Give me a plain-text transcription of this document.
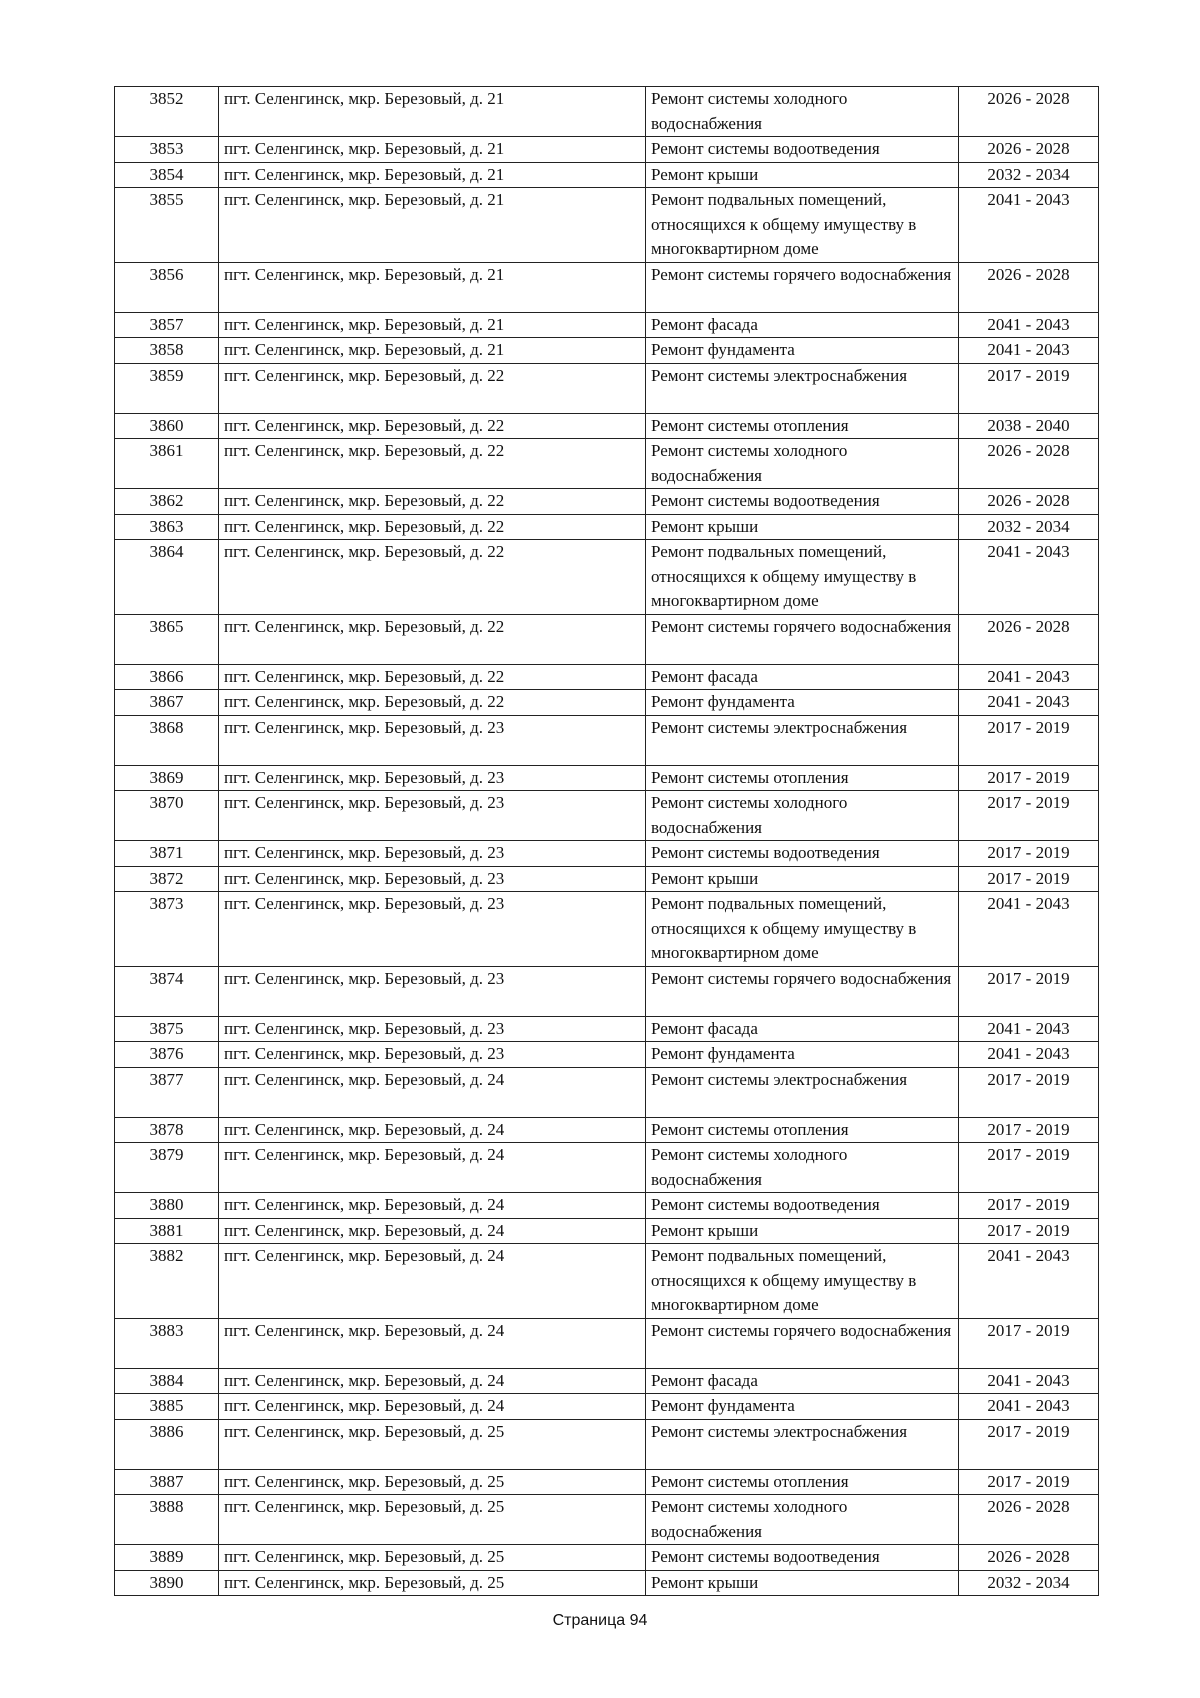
3852	пгт. Селенгинск, мкр. Березовый, д. 21	Ремонт системы холодного водоснабжения	2026 - 2028
3853	пгт. Селенгинск, мкр. Березовый, д. 21	Ремонт системы водоотведения	2026 - 2028
3854	пгт. Селенгинск, мкр. Березовый, д. 21	Ремонт крыши	2032 - 2034
3855	пгт. Селенгинск, мкр. Березовый, д. 21	Ремонт подвальных помещений, относящихся к общему имуществу в многоквартирном доме	2041 - 2043
3856	пгт. Селенгинск, мкр. Березовый, д. 21	Ремонт системы горячего водоснабжения	2026 - 2028
3857	пгт. Селенгинск, мкр. Березовый, д. 21	Ремонт фасада	2041 - 2043
3858	пгт. Селенгинск, мкр. Березовый, д. 21	Ремонт фундамента	2041 - 2043
3859	пгт. Селенгинск, мкр. Березовый, д. 22	Ремонт системы электроснабжения	2017 - 2019
3860	пгт. Селенгинск, мкр. Березовый, д. 22	Ремонт системы отопления	2038 - 2040
3861	пгт. Селенгинск, мкр. Березовый, д. 22	Ремонт системы холодного водоснабжения	2026 - 2028
3862	пгт. Селенгинск, мкр. Березовый, д. 22	Ремонт системы водоотведения	2026 - 2028
3863	пгт. Селенгинск, мкр. Березовый, д. 22	Ремонт крыши	2032 - 2034
3864	пгт. Селенгинск, мкр. Березовый, д. 22	Ремонт подвальных помещений, относящихся к общему имуществу в многоквартирном доме	2041 - 2043
3865	пгт. Селенгинск, мкр. Березовый, д. 22	Ремонт системы горячего водоснабжения	2026 - 2028
3866	пгт. Селенгинск, мкр. Березовый, д. 22	Ремонт фасада	2041 - 2043
3867	пгт. Селенгинск, мкр. Березовый, д. 22	Ремонт фундамента	2041 - 2043
3868	пгт. Селенгинск, мкр. Березовый, д. 23	Ремонт системы электроснабжения	2017 - 2019
3869	пгт. Селенгинск, мкр. Березовый, д. 23	Ремонт системы отопления	2017 - 2019
3870	пгт. Селенгинск, мкр. Березовый, д. 23	Ремонт системы холодного водоснабжения	2017 - 2019
3871	пгт. Селенгинск, мкр. Березовый, д. 23	Ремонт системы водоотведения	2017 - 2019
3872	пгт. Селенгинск, мкр. Березовый, д. 23	Ремонт крыши	2017 - 2019
3873	пгт. Селенгинск, мкр. Березовый, д. 23	Ремонт подвальных помещений, относящихся к общему имуществу в многоквартирном доме	2041 - 2043
3874	пгт. Селенгинск, мкр. Березовый, д. 23	Ремонт системы горячего водоснабжения	2017 - 2019
3875	пгт. Селенгинск, мкр. Березовый, д. 23	Ремонт фасада	2041 - 2043
3876	пгт. Селенгинск, мкр. Березовый, д. 23	Ремонт фундамента	2041 - 2043
3877	пгт. Селенгинск, мкр. Березовый, д. 24	Ремонт системы электроснабжения	2017 - 2019
3878	пгт. Селенгинск, мкр. Березовый, д. 24	Ремонт системы отопления	2017 - 2019
3879	пгт. Селенгинск, мкр. Березовый, д. 24	Ремонт системы холодного водоснабжения	2017 - 2019
3880	пгт. Селенгинск, мкр. Березовый, д. 24	Ремонт системы водоотведения	2017 - 2019
3881	пгт. Селенгинск, мкр. Березовый, д. 24	Ремонт крыши	2017 - 2019
3882	пгт. Селенгинск, мкр. Березовый, д. 24	Ремонт подвальных помещений, относящихся к общему имуществу в многоквартирном доме	2041 - 2043
3883	пгт. Селенгинск, мкр. Березовый, д. 24	Ремонт системы горячего водоснабжения	2017 - 2019
3884	пгт. Селенгинск, мкр. Березовый, д. 24	Ремонт фасада	2041 - 2043
3885	пгт. Селенгинск, мкр. Березовый, д. 24	Ремонт фундамента	2041 - 2043
3886	пгт. Селенгинск, мкр. Березовый, д. 25	Ремонт системы электроснабжения	2017 - 2019
3887	пгт. Селенгинск, мкр. Березовый, д. 25	Ремонт системы отопления	2017 - 2019
3888	пгт. Селенгинск, мкр. Березовый, д. 25	Ремонт системы холодного водоснабжения	2026 - 2028
3889	пгт. Селенгинск, мкр. Березовый, д. 25	Ремонт системы водоотведения	2026 - 2028
3890	пгт. Селенгинск, мкр. Березовый, д. 25	Ремонт крыши	2032 - 2034
Страница 94
